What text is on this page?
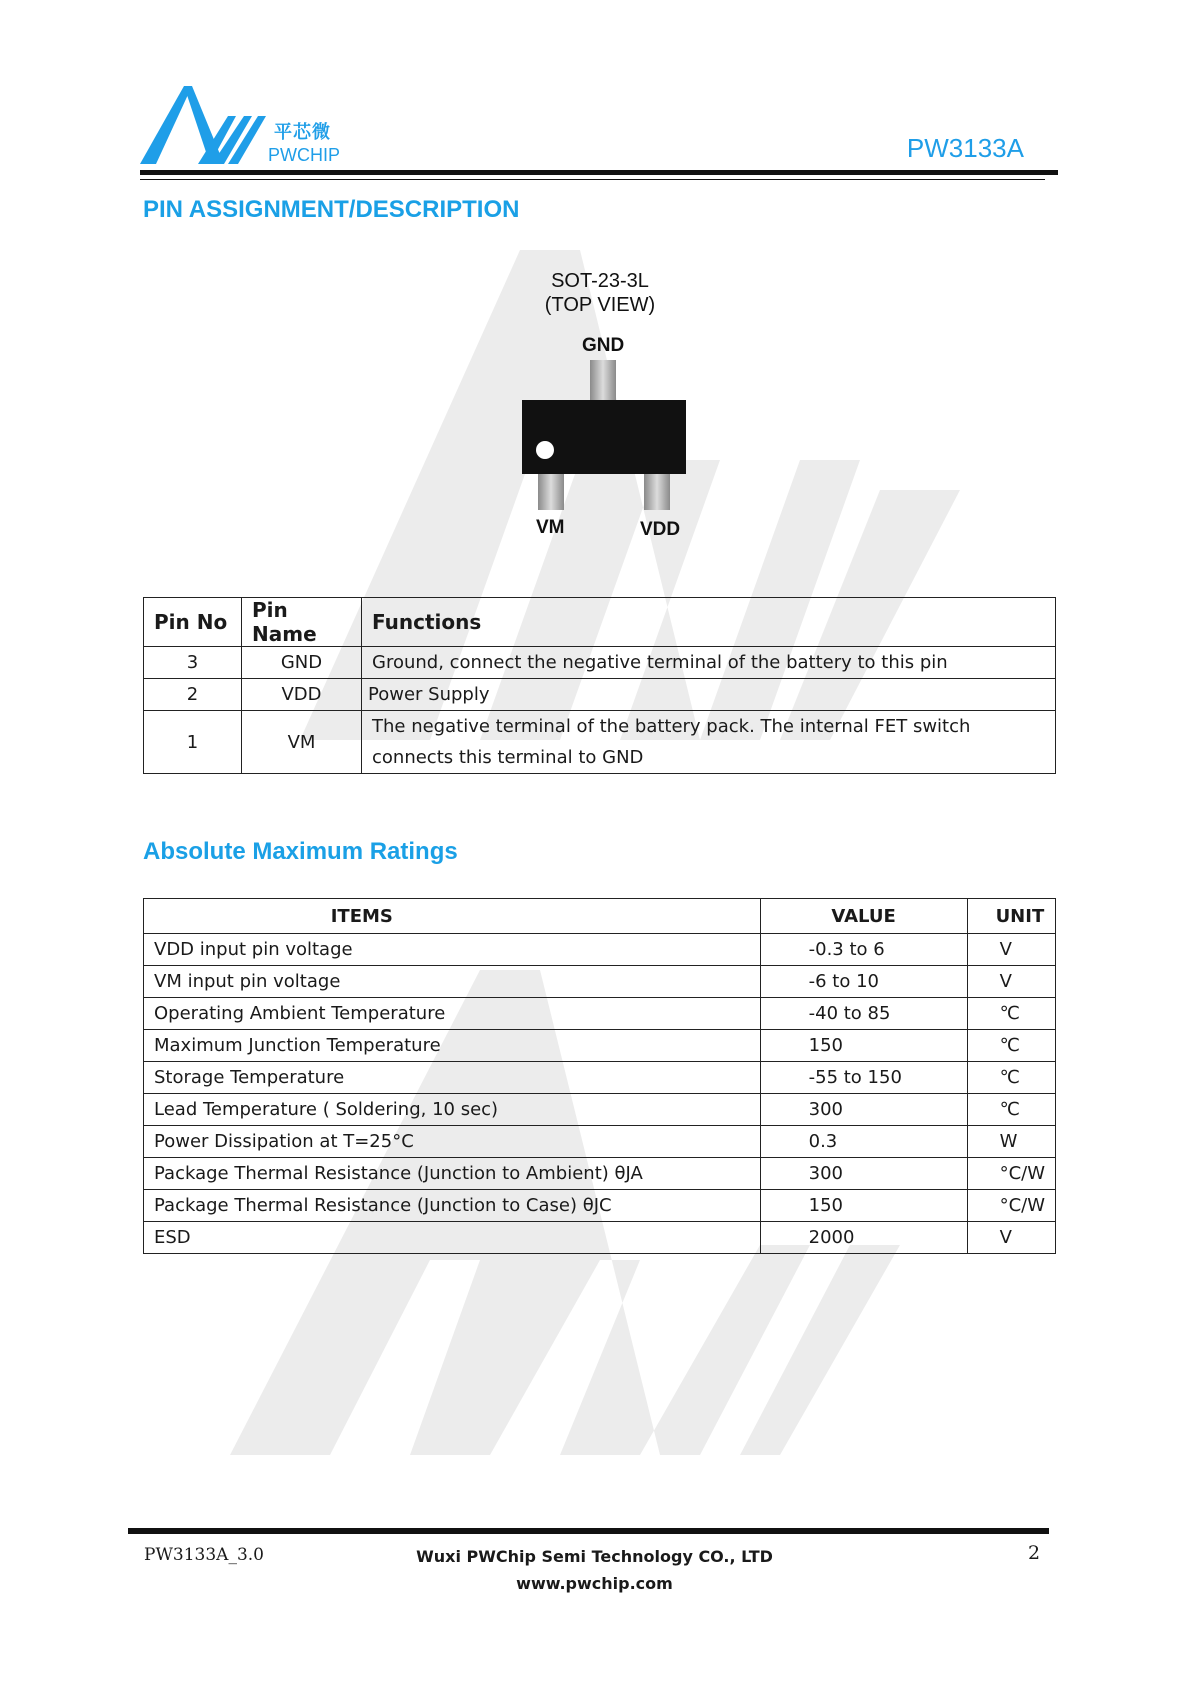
平芯微
PWCHIP	PW3133A
PIN ASSIGNMENT/DESCRIPTION
SOT-23-3L
(TOP VIEW)
GND
VM	VDD
Pin No	Pin Name	Functions
3	GND	Ground, connect the negative terminal of the battery to this pin
2	VDD	Power Supply
1	VM	The negative terminal of the battery pack. The internal FET switch connects this terminal to GND
Absolute Maximum Ratings
ITEMS	VALUE	UNIT
VDD input pin voltage	-0.3 to 6	V
VM input pin voltage	-6 to 10	V
Operating Ambient Temperature	-40 to 85	℃
Maximum Junction Temperature	150	℃
Storage Temperature	-55 to 150	℃
Lead Temperature ( Soldering, 10 sec)	300	℃
Power Dissipation at T=25°C	0.3	W
Package Thermal Resistance (Junction to Ambient) θJA	300	°C/W
Package Thermal Resistance (Junction to Case) θJC	150	°C/W
ESD	2000	V
PW3133A_3.0	Wuxi PWChip Semi Technology CO., LTD
www.pwchip.com
2
